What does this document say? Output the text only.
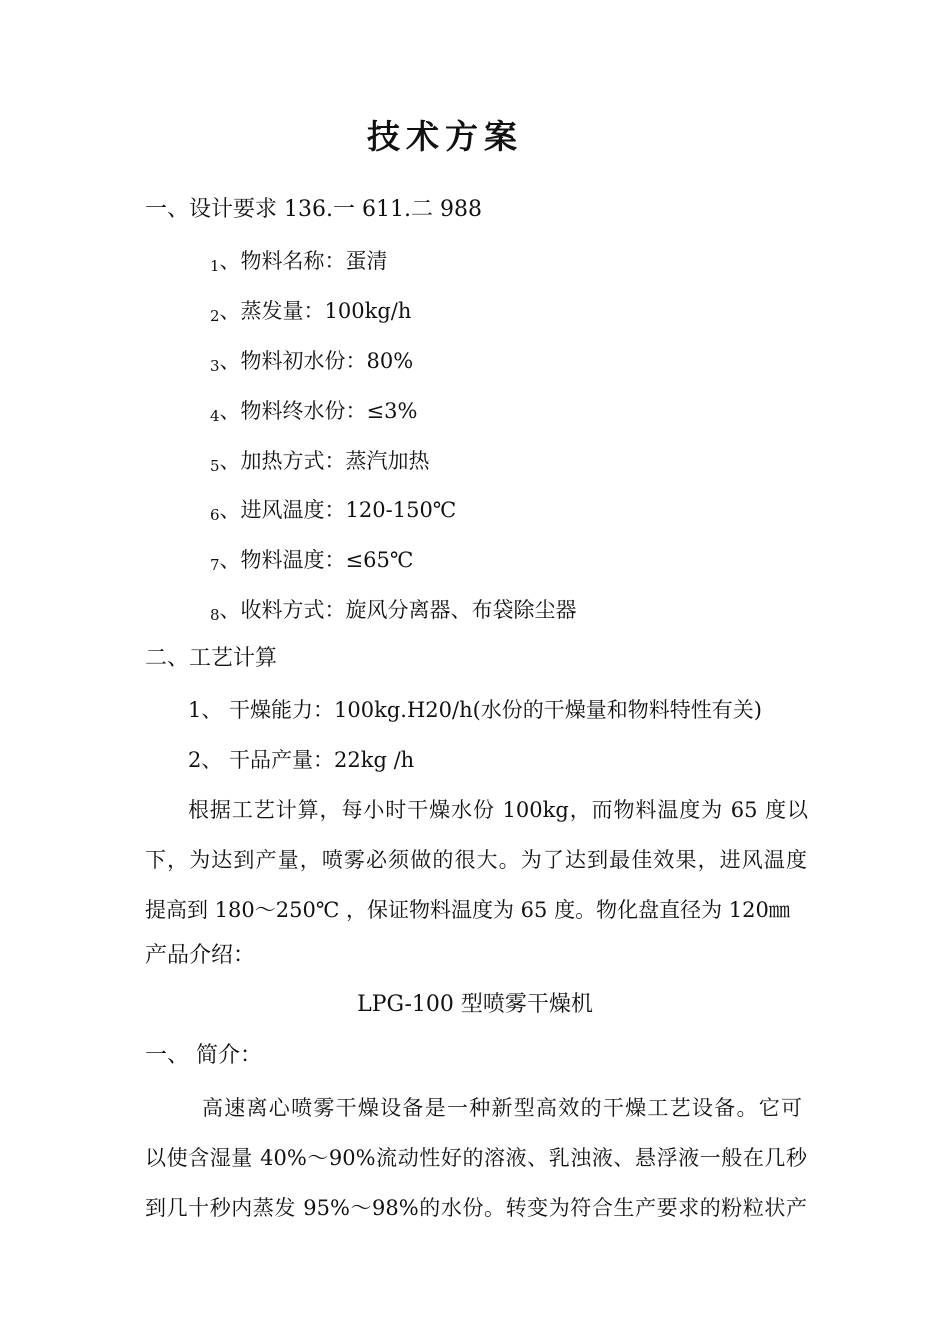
技术方案
一、设计要求 136.一 611.二 988
1、物料名称：蛋清
2、蒸发量：100kg/h
3、物料初水份：80%
4、物料终水份：≤3%
5、加热方式：蒸汽加热
6、进风温度：120-150℃
7、物料温度：≤65℃
8、收料方式：旋风分离器、布袋除尘器
二、工艺计算
1、 干燥能力：100kg.H20/h(水份的干燥量和物料特性有关)
2、 干品产量：22kg /h
根据工艺计算，每小时干燥水份 100kg，而物料温度为 65 度以
下，为达到产量，喷雾必须做的很大。为了达到最佳效果，进风温度
提高到 180～250℃ ，保证物料温度为 65 度。物化盘直径为 120㎜
产品介绍：
LPG-100 型喷雾干燥机
一、 简介：
高速离心喷雾干燥设备是一种新型高效的干燥工艺设备。它可
以使含湿量 40%～90%流动性好的溶液、乳浊液、悬浮液一般在几秒
到几十秒内蒸发 95%～98%的水份。转变为符合生产要求的粉粒状产
